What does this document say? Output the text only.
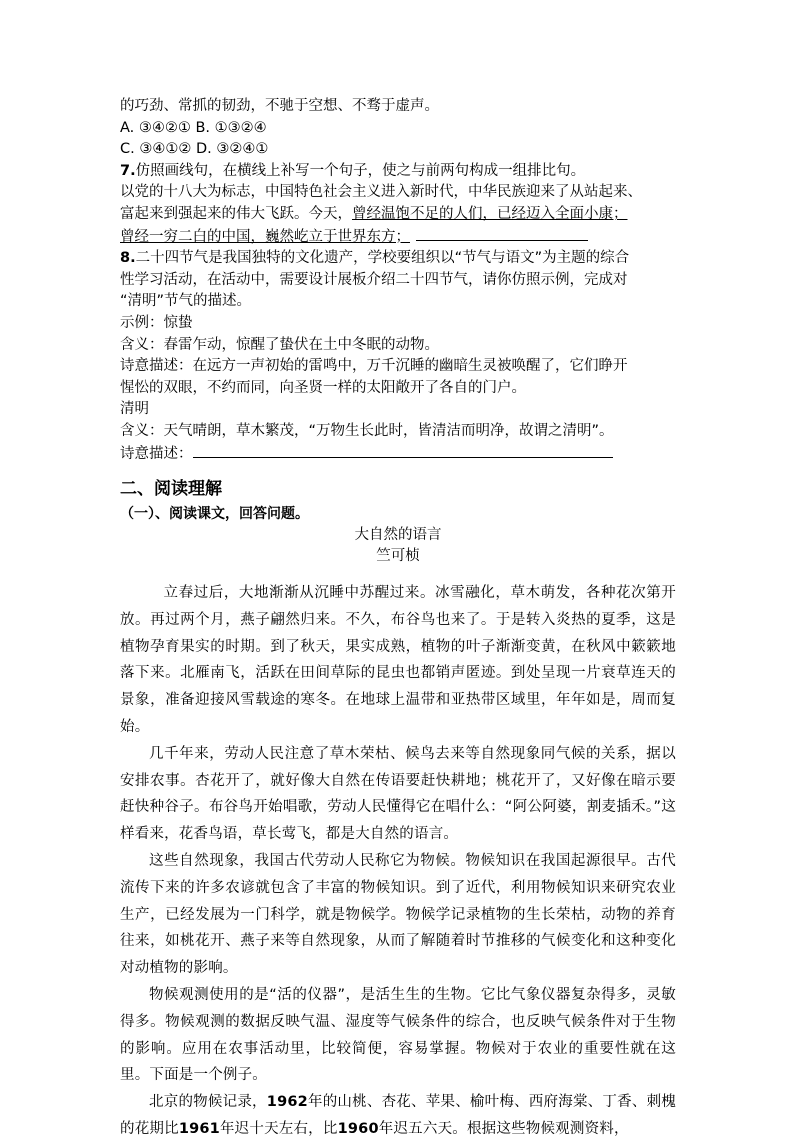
的巧劲、常抓的韧劲，不驰于空想、不骛于虚声。
A. ③④②① B. ①③②④
C. ③④①② D. ③②④①
7.仿照画线句，在横线上补写一个句子，使之与前两句构成一组排比句。
以党的十八大为标志，中国特色社会主义进入新时代，中华民族迎来了从站起来、
富起来到强起来的伟大飞跃。今天，曾经温饱不足的人们，已经迈入全面小康；
曾经一穷二白的中国，巍然屹立于世界东方；
8.二十四节气是我国独特的文化遗产，学校要组织以“节气与语文”为主题的综合
性学习活动，在活动中，需要设计展板介绍二十四节气，请你仿照示例，完成对
“清明”节气的描述。
示例：惊蛰
含义：春雷乍动，惊醒了蛰伏在土中冬眠的动物。
诗意描述：在远方一声初始的雷鸣中，万千沉睡的幽暗生灵被唤醒了，它们睁开
惺忪的双眼，不约而同，向圣贤一样的太阳敞开了各自的门户。
清明
含义：天气晴朗，草木繁茂，“万物生长此时，皆清洁而明净，故谓之清明”。
诗意描述：
二、阅读理解
（一）、阅读课文，回答问题。
大自然的语言
竺可桢
立春过后，大地渐渐从沉睡中苏醒过来。冰雪融化，草木萌发，各种花次第开放。再过两个月，燕子翩然归来。不久，布谷鸟也来了。于是转入炎热的夏季，这是植物孕育果实的时期。到了秋天，果实成熟，植物的叶子渐渐变黄，在秋风中簌簌地落下来。北雁南飞，活跃在田间草际的昆虫也都销声匿迹。到处呈现一片衰草连天的景象，准备迎接风雪载途的寒冬。在地球上温带和亚热带区域里，年年如是，周而复始。
几千年来，劳动人民注意了草木荣枯、候鸟去来等自然现象同气候的关系，据以安排农事。杏花开了，就好像大自然在传语要赶快耕地；桃花开了，又好像在暗示要赶快种谷子。布谷鸟开始唱歌，劳动人民懂得它在唱什么：“阿公阿婆，割麦插禾。”这样看来，花香鸟语，草长莺飞，都是大自然的语言。
这些自然现象，我国古代劳动人民称它为物候。物候知识在我国起源很早。古代流传下来的许多农谚就包含了丰富的物候知识。到了近代，利用物候知识来研究农业生产，已经发展为一门科学，就是物候学。物候学记录植物的生长荣枯，动物的养育往来，如桃花开、燕子来等自然现象，从而了解随着时节推移的气候变化和这种变化对动植物的影响。
物候观测使用的是“活的仪器”，是活生生的生物。它比气象仪器复杂得多，灵敏得多。物候观测的数据反映气温、湿度等气候条件的综合，也反映气候条件对于生物的影响。应用在农事活动里，比较简便，容易掌握。物候对于农业的重要性就在这里。下面是一个例子。
北京的物候记录，1962年的山桃、杏花、苹果、榆叶梅、西府海棠、丁香、刺槐的花期比1961年迟十天左右，比1960年迟五六天。根据这些物候观测资料，
